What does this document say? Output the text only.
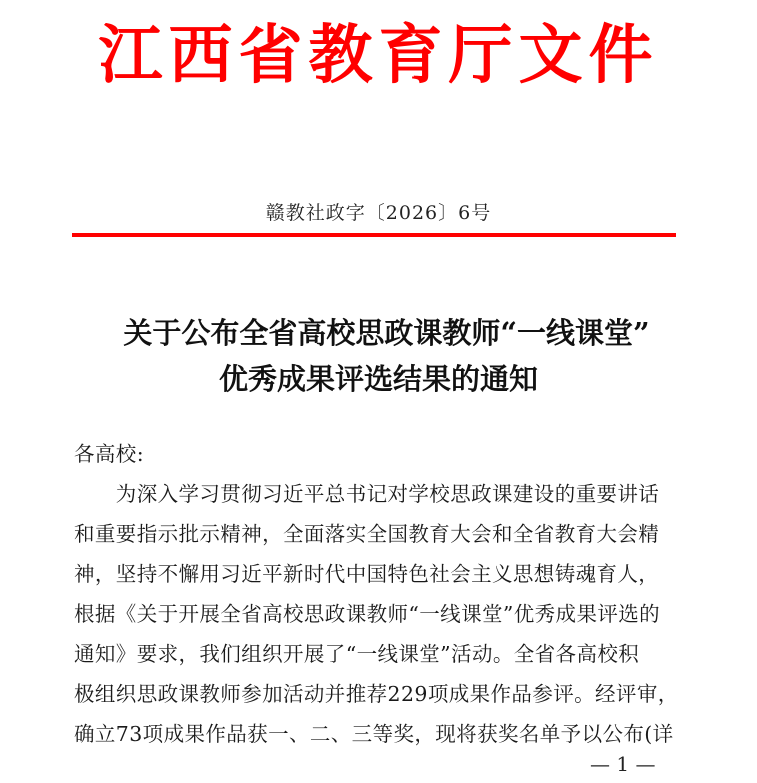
江西省教育厅文件
赣教社政字〔2026〕6号
关于公布全省高校思政课教师“一线课堂”
优秀成果评选结果的通知
各高校:
　　为深入学习贯彻习近平总书记对学校思政课建设的重要讲话
和重要指示批示精神，全面落实全国教育大会和全省教育大会精
神，坚持不懈用习近平新时代中国特色社会主义思想铸魂育人，
根据《关于开展全省高校思政课教师“一线课堂”优秀成果评选的
通知》要求，我们组织开展了“一线课堂”活动。全省各高校积
极组织思政课教师参加活动并推荐229项成果作品参评。经评审，
确立73项成果作品获一、二、三等奖，现将获奖名单予以公布(详
— 1 —
